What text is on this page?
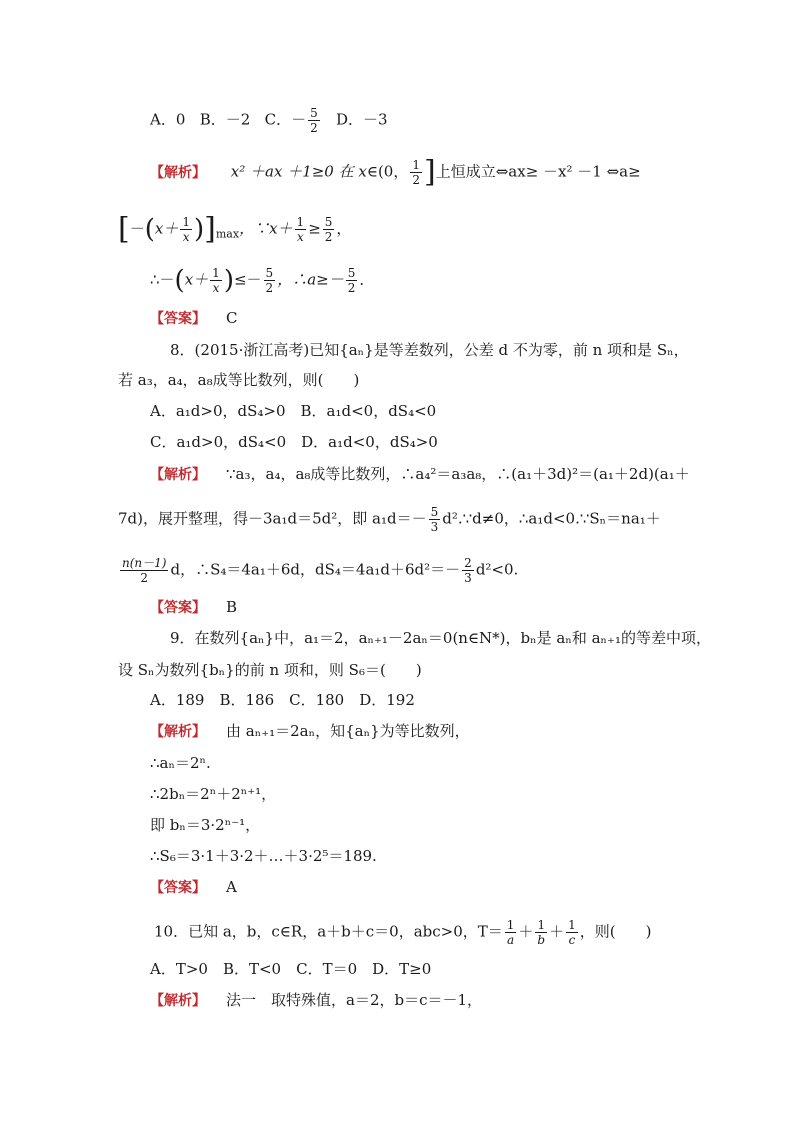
A．0 B．－2 C．－ $\frac{5}{2}$ D．－3
【解析】 x² ＋ax ＋1≥0 在 x∈(0， $\frac{1}{2}$ ]上恒成立⇔ax≥ －x² －1 ⇔a≥
$[-(x+ \frac{1}{x} )]_{max}$，∵x＋ $\frac{1}{x} \ge \frac{5}{2}$ ，
∴－(x＋ $\frac{1}{x}$ )≤－ $\frac{5}{2}$ ，∴a≥－ $\frac{5}{2}$ ．
【答案】 C
8．(2015·浙江高考)已知{aₙ}是等差数列，公差 d 不为零，前 n 项和是 Sₙ，
若 a₃，a₄，a₈成等比数列，则(　　)
A．a₁d>0，dS₄>0　B．a₁d<0，dS₄<0
C．a₁d>0，dS₄<0　D．a₁d<0，dS₄>0
【解析】 ∵a₃，a₄，a₈成等比数列，∴a₄²＝a₃a₈，∴(a₁＋3d)²＝(a₁＋2d)(a₁＋
7d)，展开整理，得－3a₁d＝5d²，即 $a_1d=- \frac{5}{3}$ d².∵d≠0，∴a₁d<0.∵Sₙ＝na₁＋
$\frac{n(n-1)}{2}$ d，∴S₄＝4a₁＋6d，$dS_4=4a_1d+6d^2=- \frac{2}{3} d^2<0$.
【答案】 B
9．在数列{aₙ}中，a₁＝2，aₙ₊₁－2aₙ＝0(n∈N*)，bₙ是 aₙ和 aₙ₊₁的等差中项，
设 Sₙ为数列{bₙ}的前 n 项和，则 S₆＝(　　)
A．189　B．186　C．180　D．192
【解析】 由 aₙ₊₁＝2aₙ，知{aₙ}为等比数列，
∴aₙ＝2ⁿ.
∴2bₙ＝2ⁿ＋2ⁿ⁺¹，
即 bₙ＝3·2ⁿ⁻¹，
∴S₆＝3·1＋3·2＋…＋3·2⁵＝189.
【答案】 A
10．已知 a，b，c∈R，a＋b＋c＝0，abc>0，$T= \frac{1}{a} + \frac{1}{b} + \frac{1}{c}$ ，则(　　)
A．T>0　B．T<0　C．T＝0　D．T≥0
【解析】 法一　取特殊值，a＝2，b＝c＝－1，
